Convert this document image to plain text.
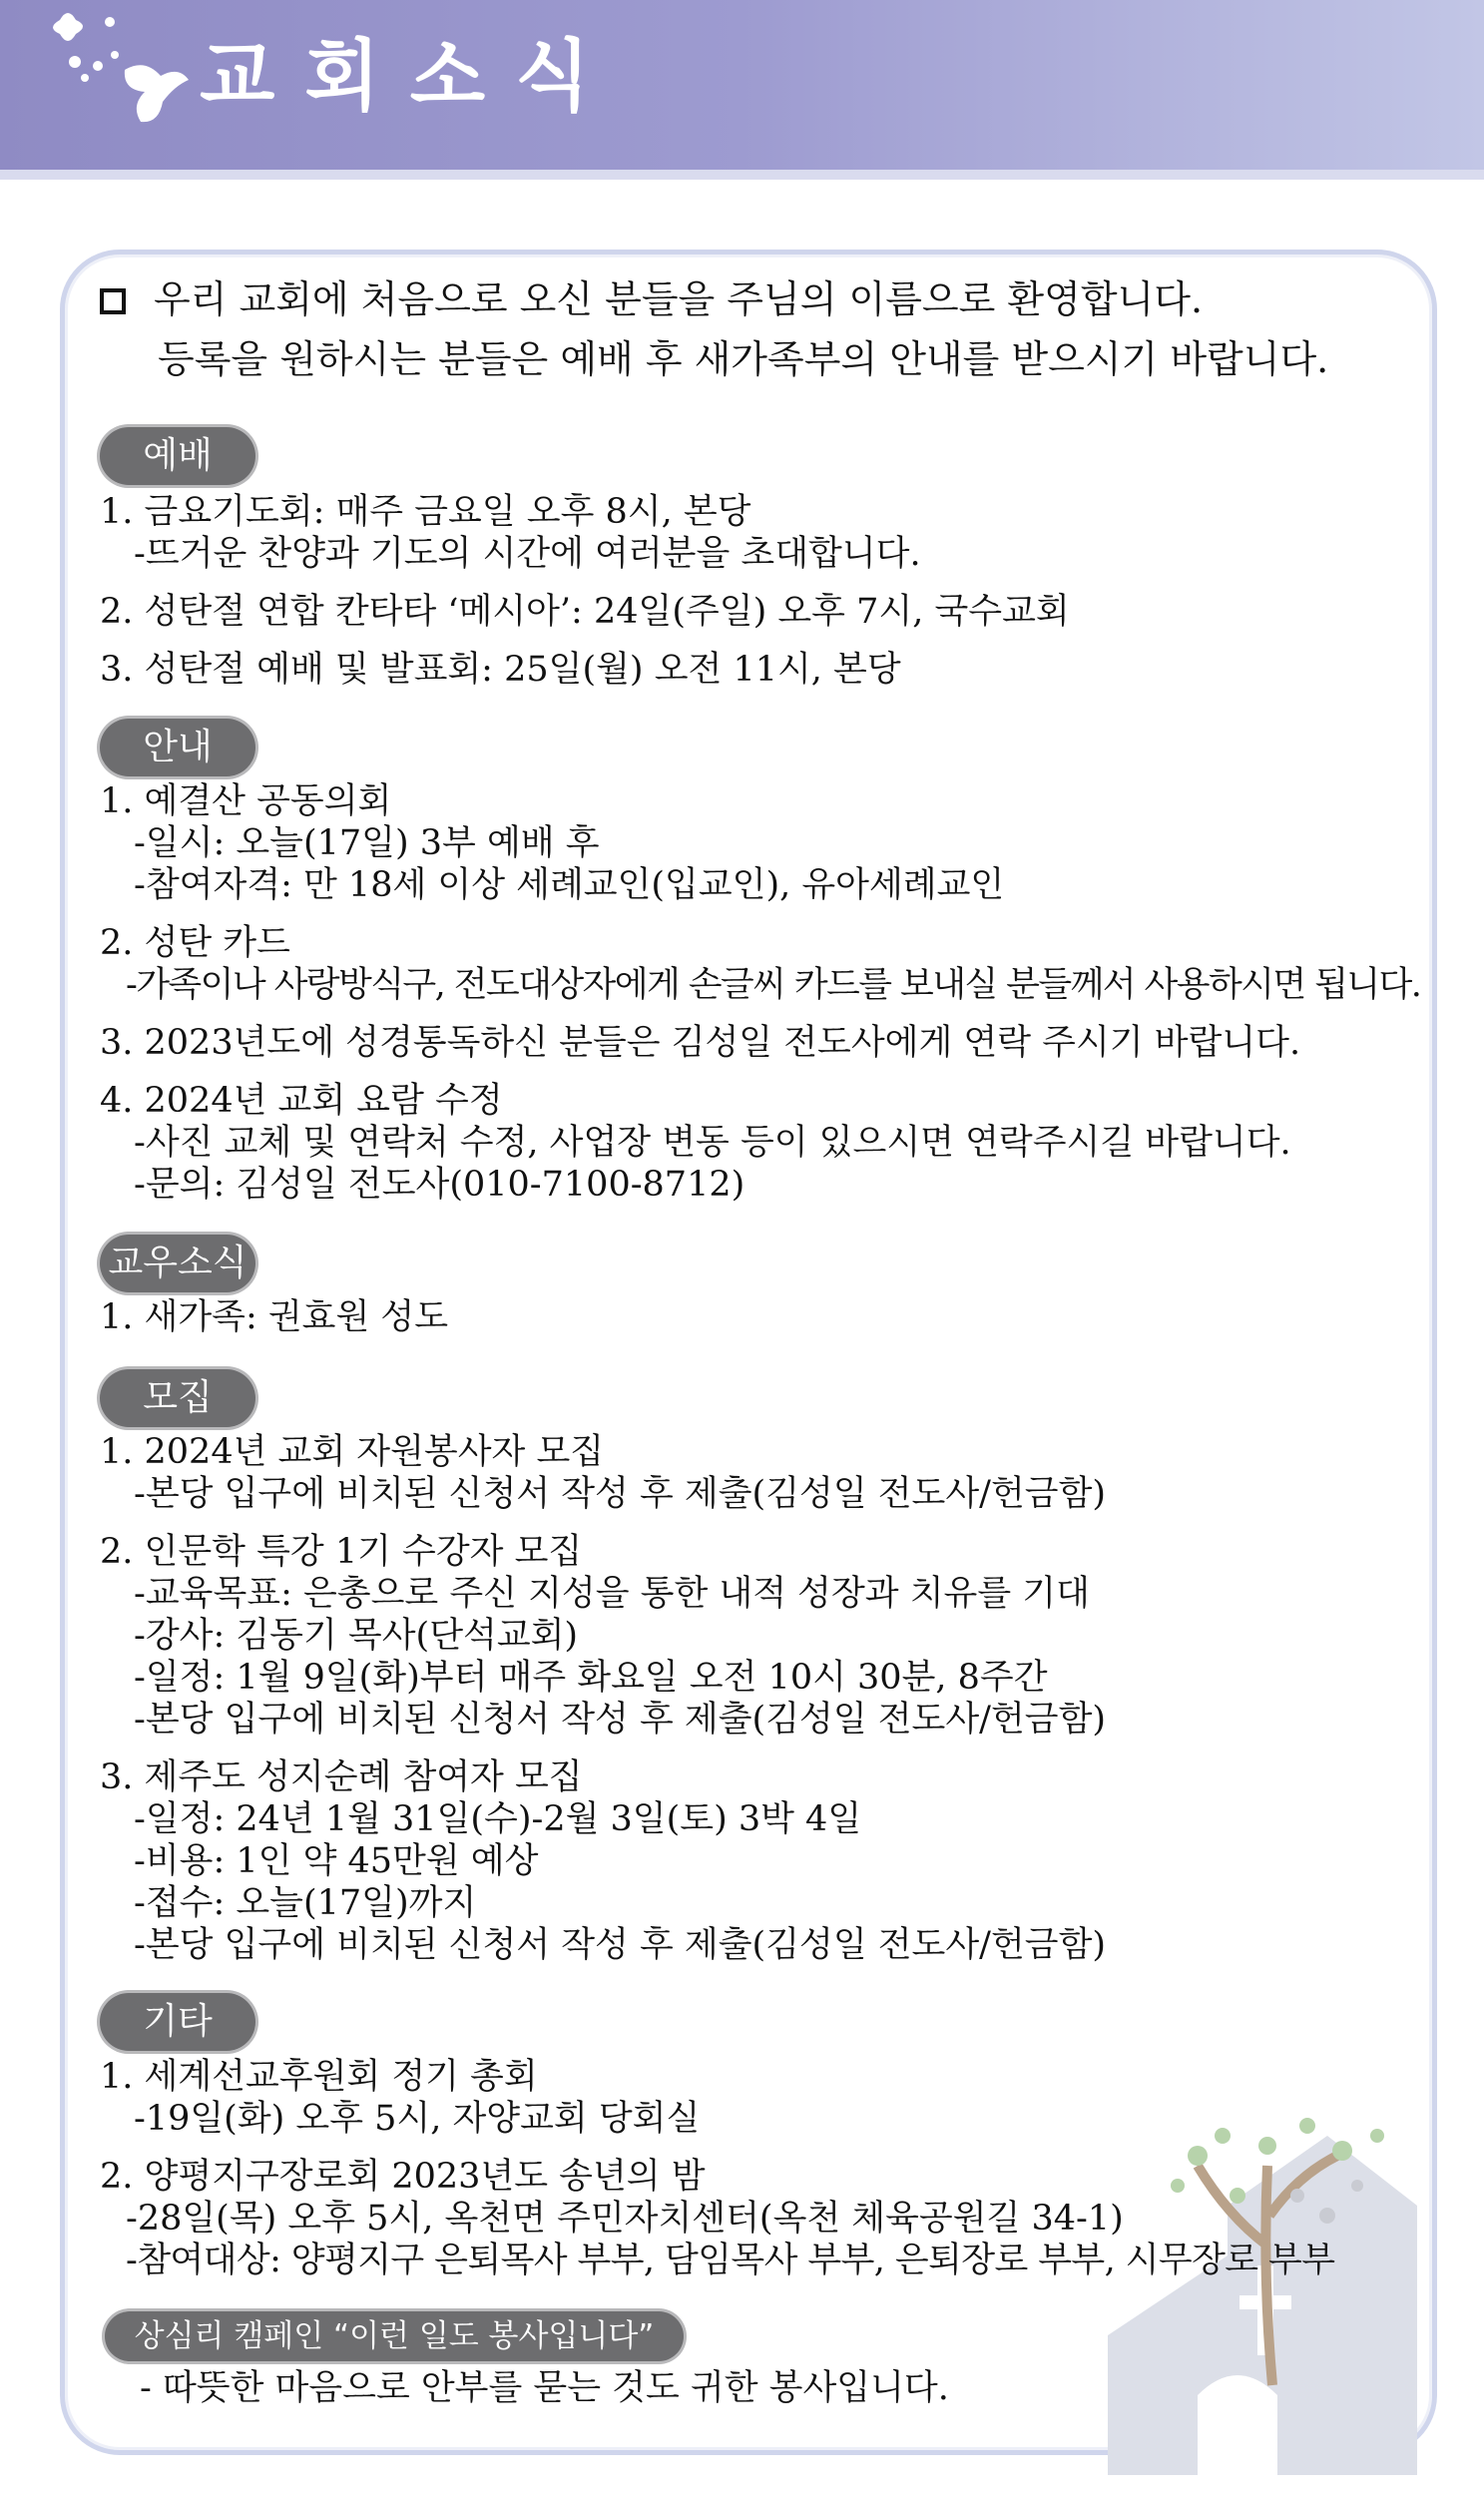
교회소식
우리 교회에 처음으로 오신 분들을 주님의 이름으로 환영합니다.
등록을 원하시는 분들은 예배 후 새가족부의 안내를 받으시기 바랍니다.
예배
1. 금요기도회: 매주 금요일 오후 8시, 본당
-뜨거운 찬양과 기도의 시간에 여러분을 초대합니다.
2. 성탄절 연합 칸타타 ‘메시아’: 24일(주일) 오후 7시, 국수교회
3. 성탄절 예배 및 발표회: 25일(월) 오전 11시, 본당
안내
1. 예결산 공동의회
-일시: 오늘(17일) 3부 예배 후
-참여자격: 만 18세 이상 세례교인(입교인), 유아세례교인
2. 성탄 카드
-가족이나 사랑방식구, 전도대상자에게 손글씨 카드를 보내실 분들께서 사용하시면 됩니다.
3. 2023년도에 성경통독하신 분들은 김성일 전도사에게 연락 주시기 바랍니다.
4. 2024년 교회 요람 수정
-사진 교체 및 연락처 수정, 사업장 변동 등이 있으시면 연락주시길 바랍니다.
-문의: 김성일 전도사(010-7100-8712)
교우소식
1. 새가족: 권효원 성도
모집
1. 2024년 교회 자원봉사자 모집
-본당 입구에 비치된 신청서 작성 후 제출(김성일 전도사/헌금함)
2. 인문학 특강 1기 수강자 모집
-교육목표: 은총으로 주신 지성을 통한 내적 성장과 치유를 기대
-강사: 김동기 목사(단석교회)
-일정: 1월 9일(화)부터 매주 화요일 오전 10시 30분, 8주간
-본당 입구에 비치된 신청서 작성 후 제출(김성일 전도사/헌금함)
3. 제주도 성지순례 참여자 모집
-일정: 24년 1월 31일(수)-2월 3일(토) 3박 4일
-비용: 1인 약 45만원 예상
-접수: 오늘(17일)까지
-본당 입구에 비치된 신청서 작성 후 제출(김성일 전도사/헌금함)
기타
1. 세계선교후원회 정기 총회
-19일(화) 오후 5시, 자양교회 당회실
2. 양평지구장로회 2023년도 송년의 밤
-28일(목) 오후 5시, 옥천면 주민자치센터(옥천 체육공원길 34-1)
-참여대상: 양평지구 은퇴목사 부부, 담임목사 부부, 은퇴장로 부부, 시무장로 부부
상심리 캠페인 “이런 일도 봉사입니다”
- 따뜻한 마음으로 안부를 묻는 것도 귀한 봉사입니다.
